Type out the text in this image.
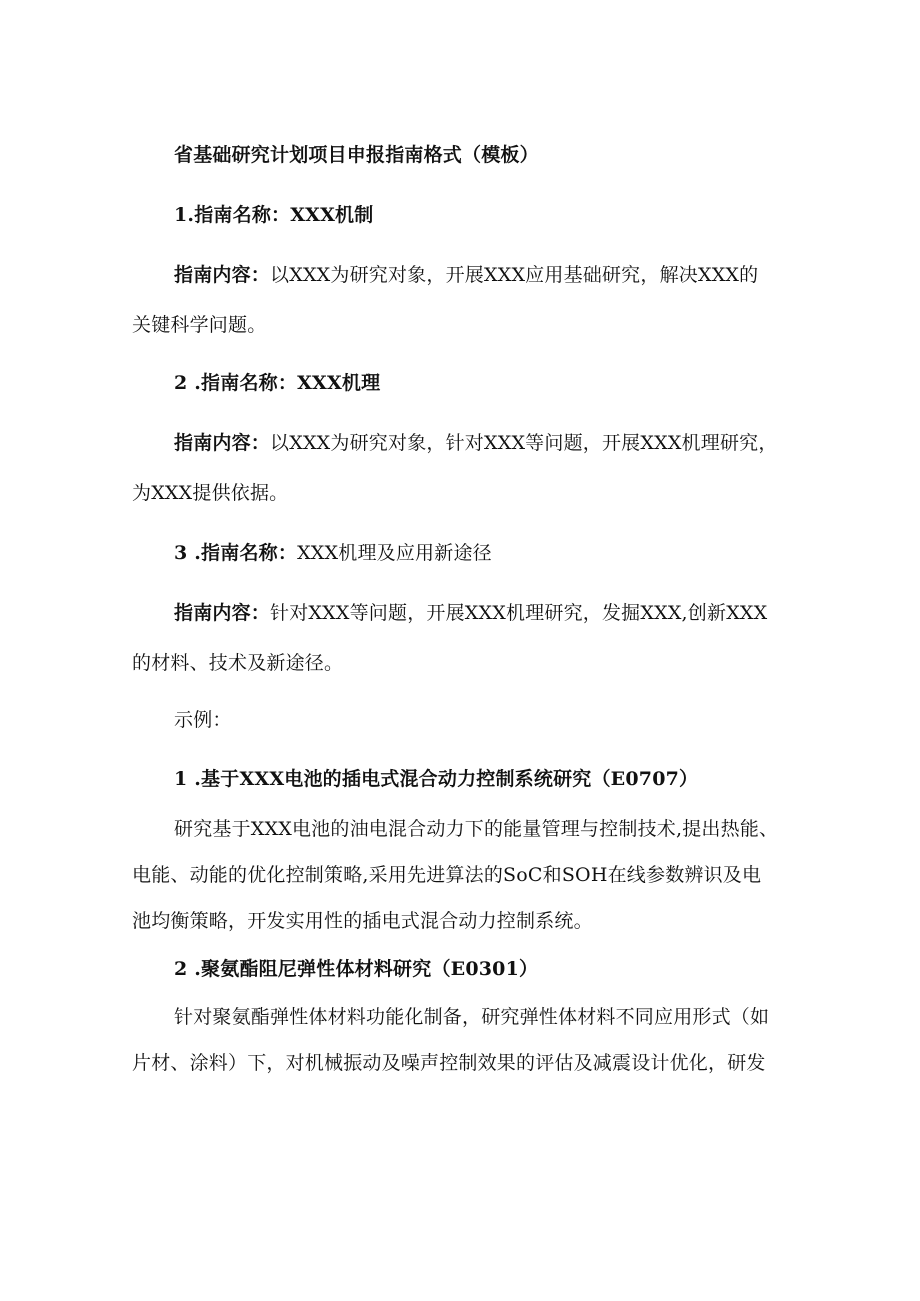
省基础研究计划项目申报指南格式（模板）
1.指南名称：XXX机制
指南内容：以XXX为研究对象，开展XXX应用基础研究，解决XXX的
关键科学问题。
2 .指南名称：XXX机理
指南内容：以XXX为研究对象，针对XXX等问题，开展XXX机理研究，
为XXX提供依据。
3 .指南名称：XXX机理及应用新途径
指南内容：针对XXX等问题，开展XXX机理研究，发掘XXX,创新XXX
的材料、技术及新途径。
示例：
1 .基于XXX电池的插电式混合动力控制系统研究（E0707）
研究基于XXX电池的油电混合动力下的能量管理与控制技术,提出热能、
电能、动能的优化控制策略,采用先进算法的SoC和SOH在线参数辨识及电
池均衡策略，开发实用性的插电式混合动力控制系统。
2 .聚氨酯阻尼弹性体材料研究（E0301）
针对聚氨酯弹性体材料功能化制备，研究弹性体材料不同应用形式（如
片材、涂料）下，对机械振动及噪声控制效果的评估及减震设计优化，研发
